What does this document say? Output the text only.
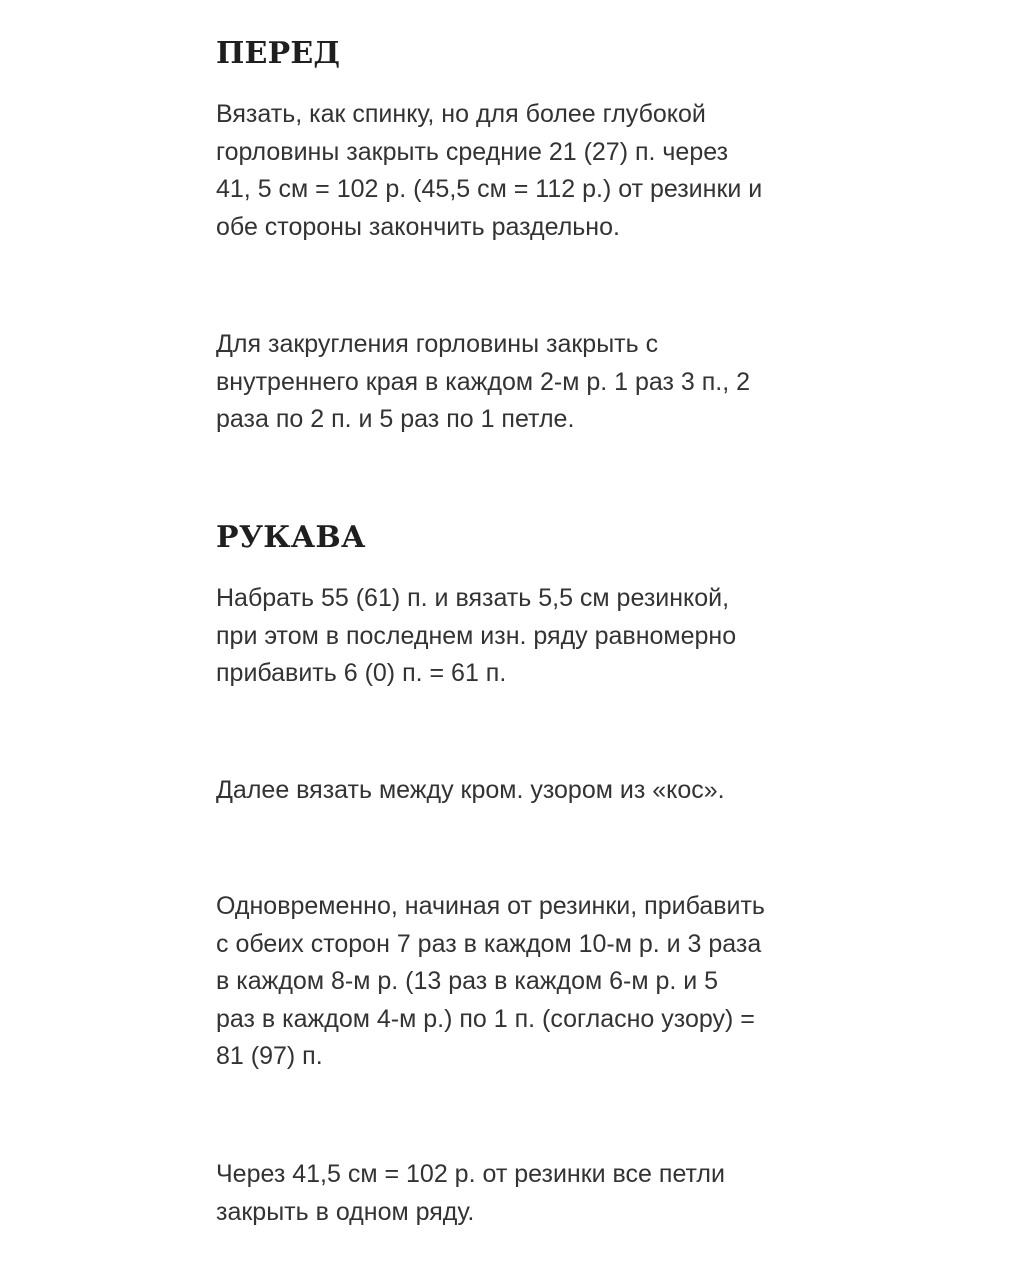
ПЕРЕД

Вязать, как спинку, но для более глубокой
горловины закрыть средние 21 (27) п. через
41, 5 см = 102 р. (45,5 см = 112 р.) от резинки и
обе стороны закончить раздельно.

Для закругления горловины закрыть с
внутреннего края в каждом 2-м р. 1 раз 3 п., 2
раза по 2 п. и 5 раз по 1 петле.

РУКАВА

Набрать 55 (61) п. и вязать 5,5 см резинкой,
при этом в последнем изн. ряду равномерно
прибавить 6 (0) п. = 61 п.

Далее вязать между кром. узором из «кос».

Одновременно, начиная от резинки, прибавить
с обеих сторон 7 раз в каждом 10-м р. и 3 раза
в каждом 8-м р. (13 раз в каждом 6-м р. и 5
раз в каждом 4-м р.) по 1 п. (согласно узору) =
81 (97) п.

Через 41,5 см = 102 р. от резинки все петли
закрыть в одном ряду.
